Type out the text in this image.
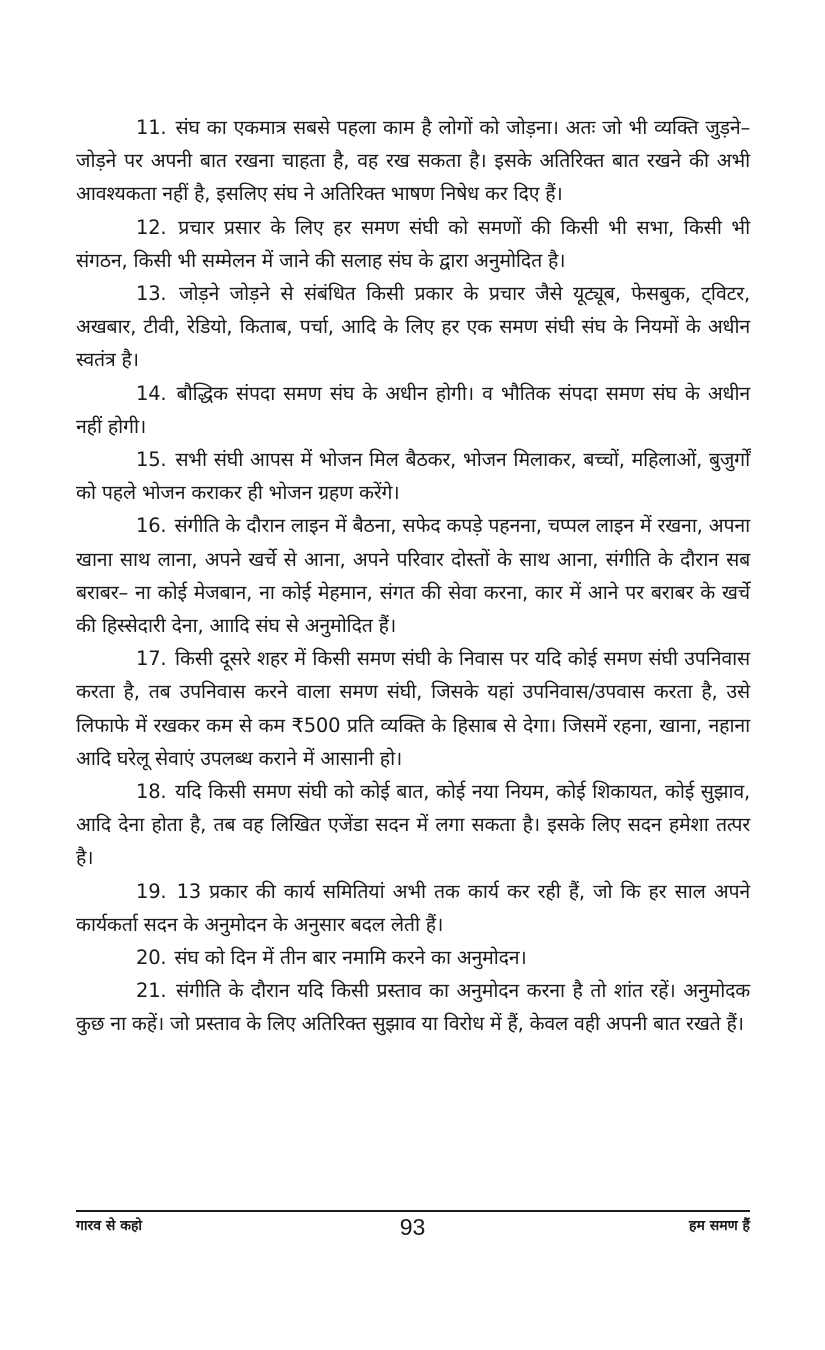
11. संघ का एकमात्र सबसे पहला काम है लोगों को जोड़ना। अतः जो भी व्यक्ति जुड़ने–जोड़ने पर अपनी बात रखना चाहता है, वह रख सकता है। इसके अतिरिक्त बात रखने की अभी आवश्यकता नहीं है, इसलिए संघ ने अतिरिक्त भाषण निषेध कर दिए हैं।

12. प्रचार प्रसार के लिए हर समण संघी को समणों की किसी भी सभा, किसी भी संगठन, किसी भी सम्मेलन में जाने की सलाह संघ के द्वारा अनुमोदित है।

13. जोड़ने जोड़ने से संबंधित किसी प्रकार के प्रचार जैसे यूट्यूब, फेसबुक, ट्विटर, अखबार, टीवी, रेडियो, किताब, पर्चा, आदि के लिए हर एक समण संघी संघ के नियमों के अधीन स्वतंत्र है।

14. बौद्धिक संपदा समण संघ के अधीन होगी। व भौतिक संपदा समण संघ के अधीन नहीं होगी।

15. सभी संघी आपस में भोजन मिल बैठकर, भोजन मिलाकर, बच्चों, महिलाओं, बुजुर्गों को पहले भोजन कराकर ही भोजन ग्रहण करेंगे।

16. संगीति के दौरान लाइन में बैठना, सफेद कपड़े पहनना, चप्पल लाइन में रखना, अपना खाना साथ लाना, अपने खर्चे से आना, अपने परिवार दोस्तों के साथ आना, संगीति के दौरान सब बराबर– ना कोई मेजबान, ना कोई मेहमान, संगत की सेवा करना, कार में आने पर बराबर के खर्चे की हिस्सेदारी देना, आादि संघ से अनुमोदित हैं।

17. किसी दूसरे शहर में किसी समण संघी के निवास पर यदि कोई समण संघी उपनिवास करता है, तब उपनिवास करने वाला समण संघी, जिसके यहां उपनिवास/उपवास करता है, उसे लिफाफे में रखकर कम से कम ₹500 प्रति व्यक्ति के हिसाब से देगा। जिसमें रहना, खाना, नहाना आदि घरेलू सेवाएं उपलब्ध कराने में आसानी हो।

18. यदि किसी समण संघी को कोई बात, कोई नया नियम, कोई शिकायत, कोई सुझाव, आदि देना होता है, तब वह लिखित एजेंडा सदन में लगा सकता है। इसके लिए सदन हमेशा तत्पर है।

19. 13 प्रकार की कार्य समितियां अभी तक कार्य कर रही हैं, जो कि हर साल अपने कार्यकर्ता सदन के अनुमोदन के अनुसार बदल लेती हैं।

20. संघ को दिन में तीन बार नमामि करने का अनुमोदन।

21. संगीति के दौरान यदि किसी प्रस्ताव का अनुमोदन करना है तो शांत रहें। अनुमोदक कुछ ना कहें। जो प्रस्ताव के लिए अतिरिक्त सुझाव या विरोध में हैं, केवल वही अपनी बात रखते हैं।

गारव से कहो	93	हम समण हैं
